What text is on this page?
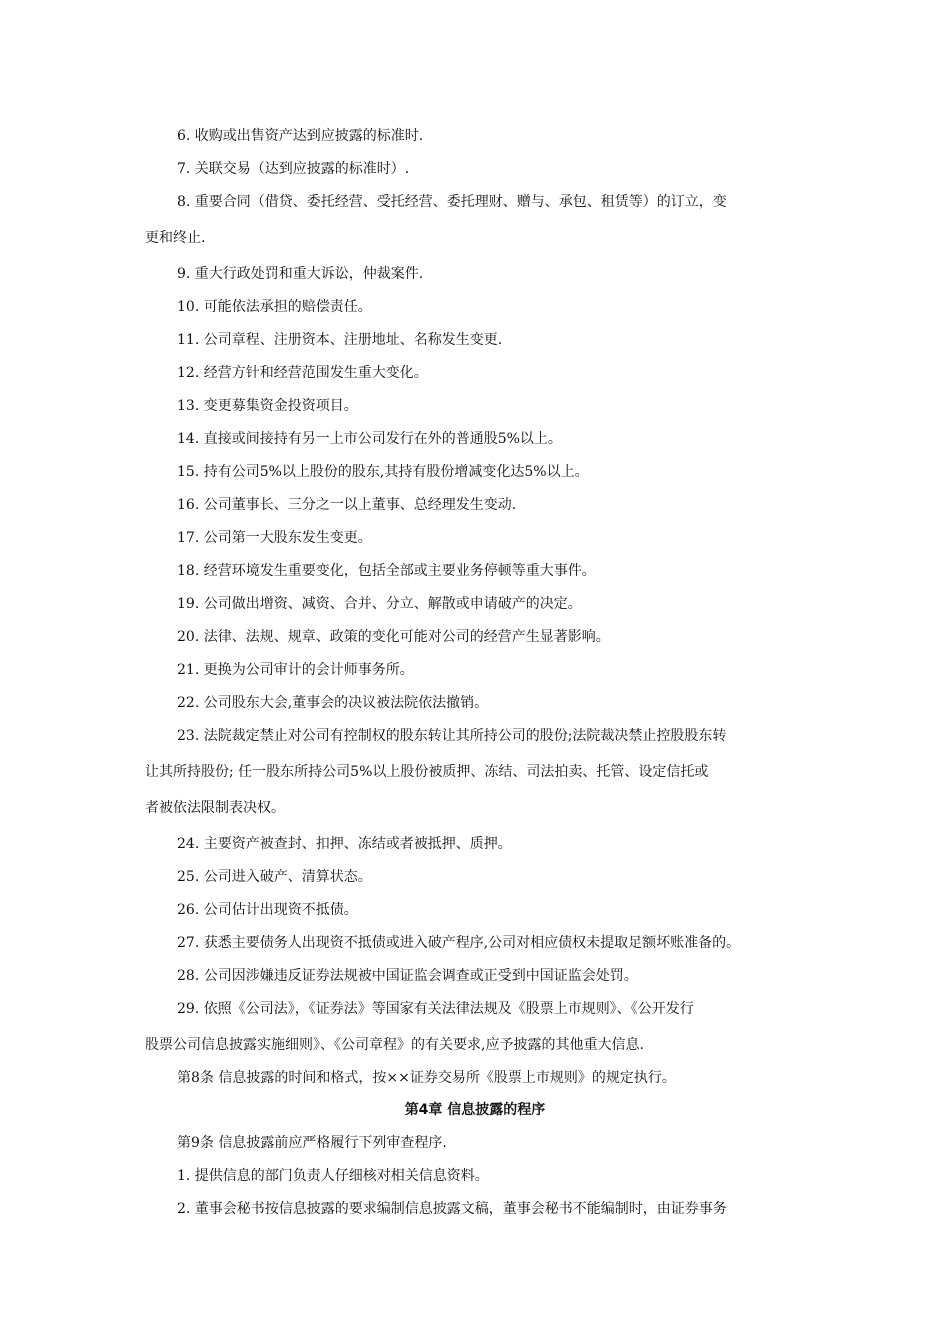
6. 收购或出售资产达到应披露的标准时.
7. 关联交易（达到应披露的标准时）.
8. 重要合同（借贷、委托经营、受托经营、委托理财、赠与、承包、租赁等）的订立，变
更和终止.
9. 重大行政处罚和重大诉讼，仲裁案件.
10. 可能依法承担的赔偿责任。
11. 公司章程、注册资本、注册地址、名称发生变更.
12. 经营方针和经营范围发生重大变化。
13. 变更募集资金投资项目。
14. 直接或间接持有另一上市公司发行在外的普通股5%以上。
15. 持有公司5%以上股份的股东,其持有股份增减变化达5%以上。
16. 公司董事长、三分之一以上董事、总经理发生变动.
17. 公司第一大股东发生变更。
18. 经营环境发生重要变化，包括全部或主要业务停顿等重大事件。
19. 公司做出增资、减资、合并、分立、解散或申请破产的决定。
20. 法律、法规、规章、政策的变化可能对公司的经营产生显著影响。
21. 更换为公司审计的会计师事务所。
22. 公司股东大会,董事会的决议被法院依法撤销。
23. 法院裁定禁止对公司有控制权的股东转让其所持公司的股份;法院裁决禁止控股股东转
让其所持股份; 任一股东所持公司5%以上股份被质押、冻结、司法拍卖、托管、设定信托或
者被依法限制表决权。
24. 主要资产被查封、扣押、冻结或者被抵押、质押。
25. 公司进入破产、清算状态。
26. 公司估计出现资不抵债。
27. 获悉主要债务人出现资不抵债或进入破产程序,公司对相应债权未提取足额坏账准备的。
28. 公司因涉嫌违反证券法规被中国证监会调查或正受到中国证监会处罚。
29. 依照《公司法》，《证券法》等国家有关法律法规及《股票上市规则》、《公开发行
股票公司信息披露实施细则》、《公司章程》的有关要求,应予披露的其他重大信息.
第8条 信息披露的时间和格式，按××证券交易所《股票上市规则》的规定执行。
第4章 信息披露的程序
第9条 信息披露前应严格履行下列审查程序.
1. 提供信息的部门负责人仔细核对相关信息资料。
2. 董事会秘书按信息披露的要求编制信息披露文稿，董事会秘书不能编制时，由证券事务
